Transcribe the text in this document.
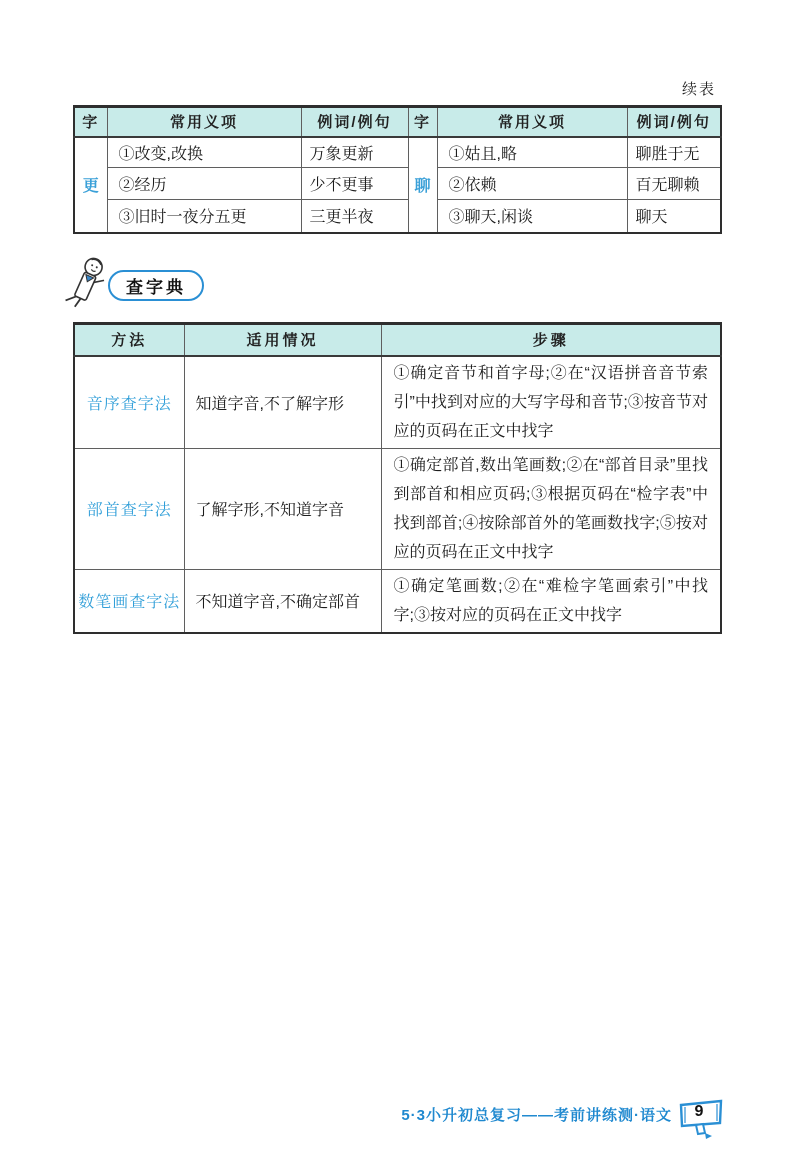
续表
字	常用义项	例词/例句	字	常用义项	例词/例句
更	①改变,改换	万象更新	聊	①姑且,略	聊胜于无
	②经历	少不更事		②依赖	百无聊赖
	③旧时一夜分五更	三更半夜		③聊天,闲谈	聊天
查字典
方法	适用情况	步骤
音序查字法	知道字音,不了解字形	①确定音节和首字母;②在“汉语拼音音节索引”中找到对应的大写字母和音节;③按音节对应的页码在正文中找字
部首查字法	了解字形,不知道字音	①确定部首,数出笔画数;②在“部首目录”里找到部首和相应页码;③根据页码在“检字表”中找到部首;④按除部首外的笔画数找字;⑤按对应的页码在正文中找字
数笔画查字法	不知道字音,不确定部首	①确定笔画数;②在“难检字笔画索引”中找字;③按对应的页码在正文中找字
5·3小升初总复习——考前讲练测·语文	9
